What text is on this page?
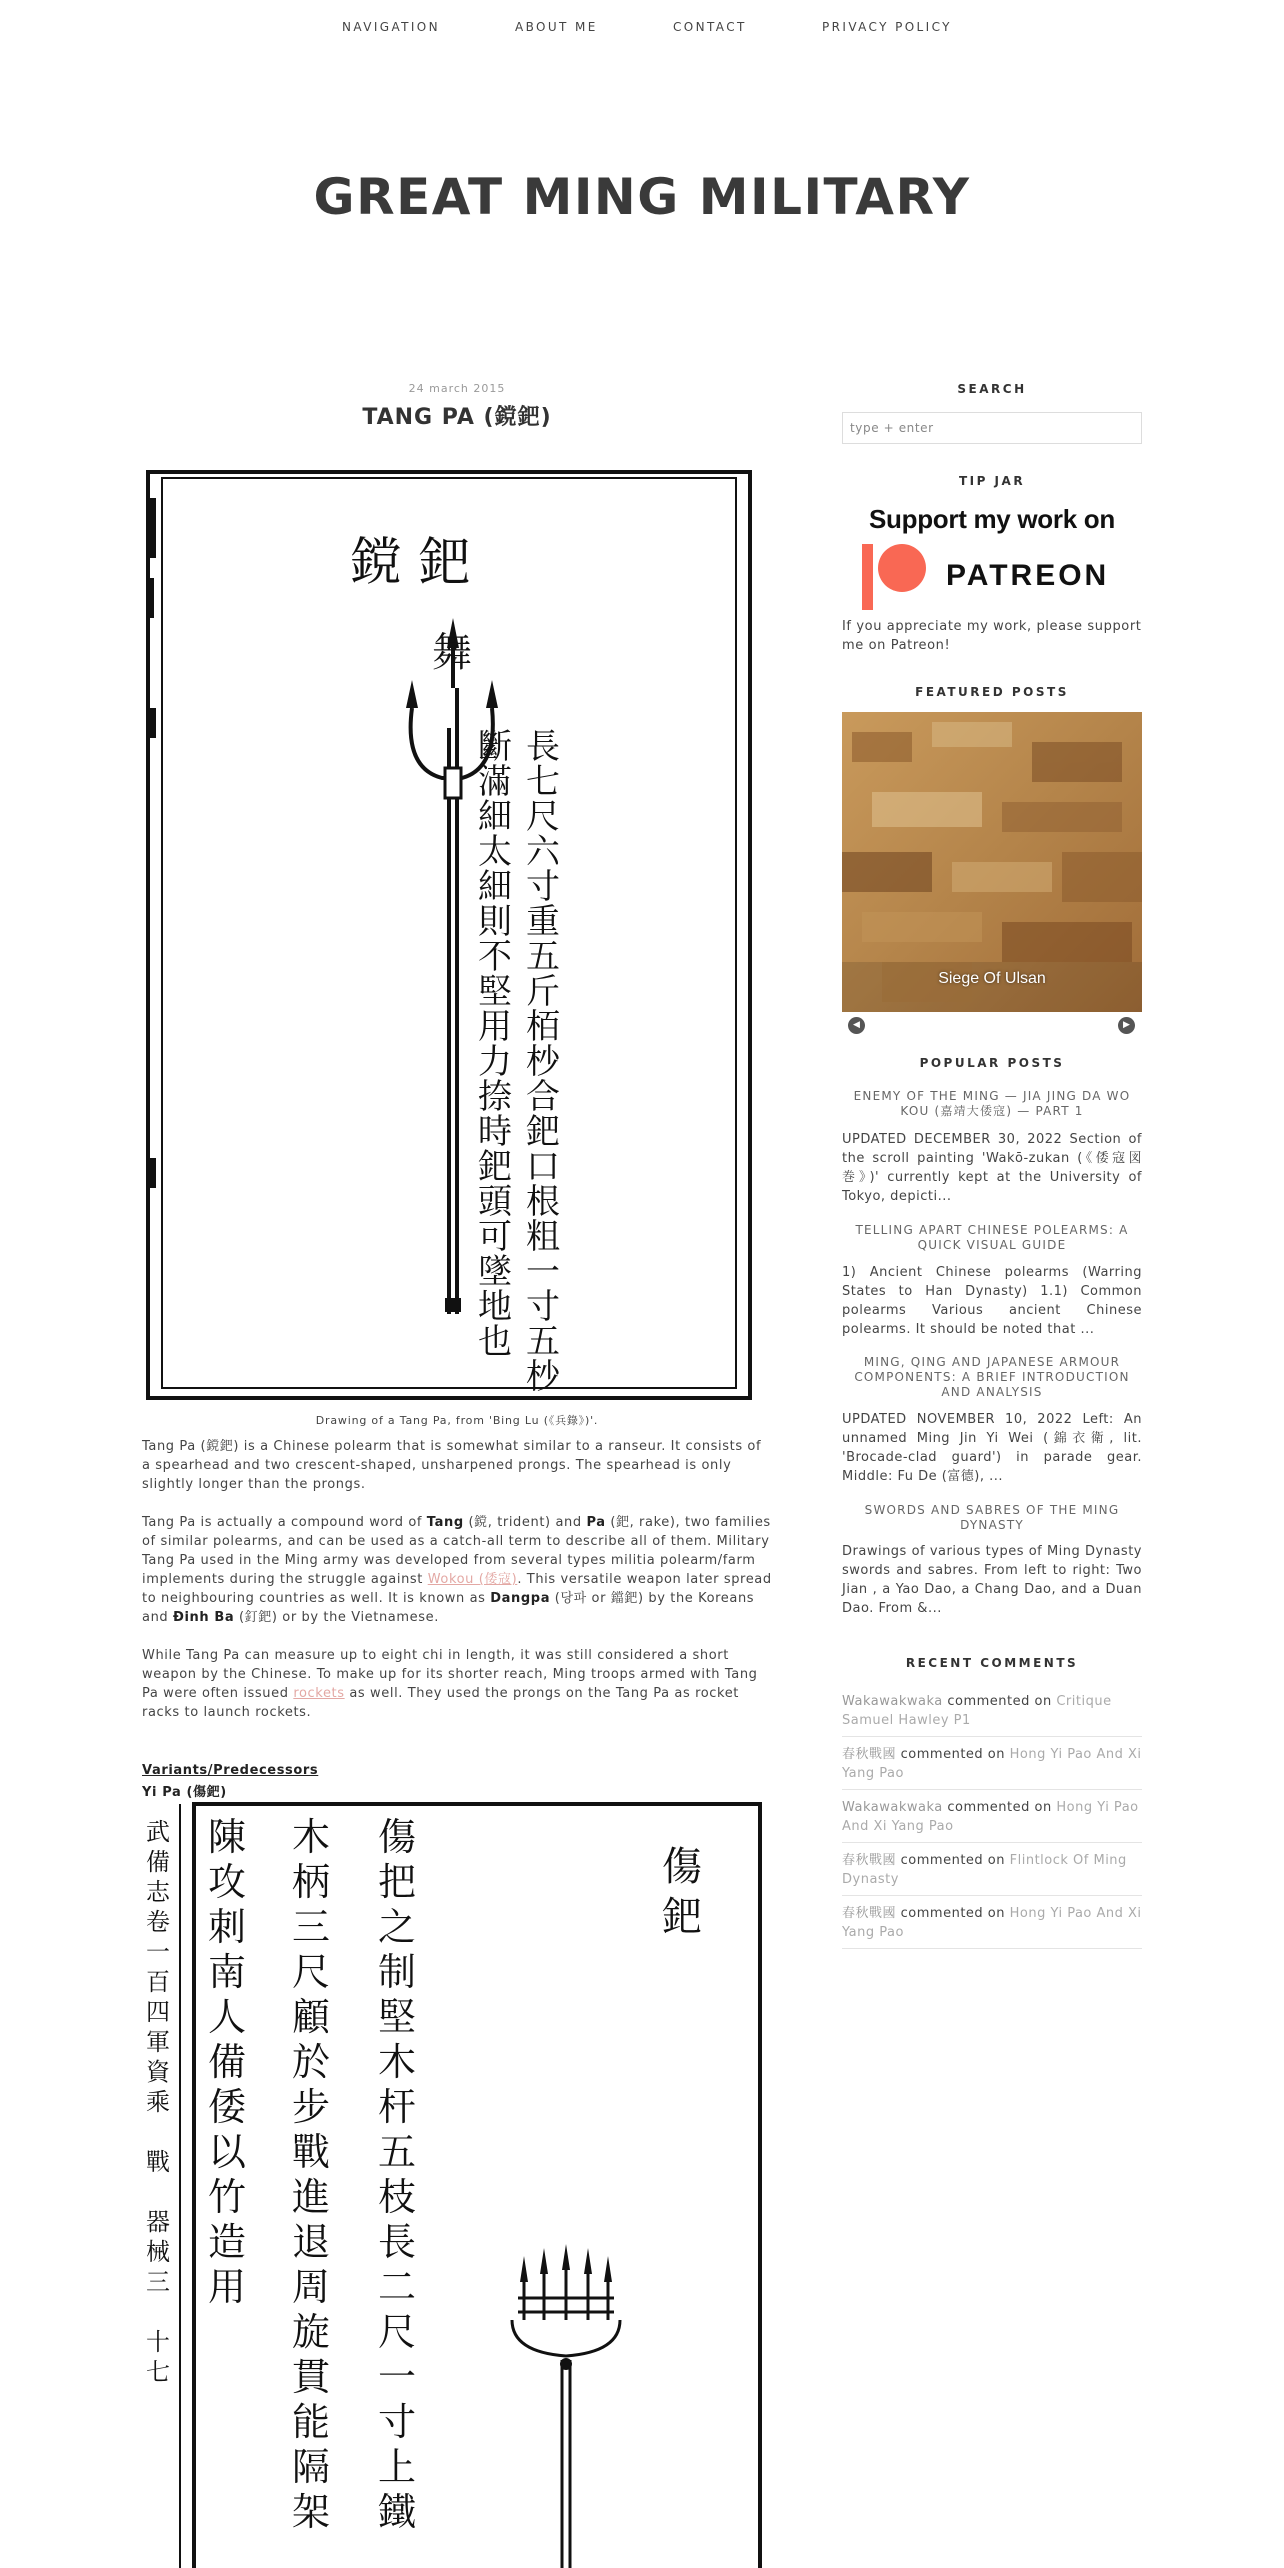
NAVIGATION	ABOUT ME	CONTACT	PRIVACY POLICY
GREAT MING MILITARY
24 march 2015
TANG PA (鎲鈀)
鎲 鈀
舞
長七尺六寸重五斤栢杪合鈀口根粗一寸五杪
斷滿細太細則不堅用力捺時鈀頭可墜地也
Drawing of a Tang Pa, from 'Bing Lu (《兵錄》)'.

Tang Pa (鎲鈀) is a Chinese polearm that is somewhat similar to a ranseur. It consists of a spearhead and two crescent-shaped, unsharpened prongs. The spearhead is only slightly longer than the prongs.

Tang Pa is actually a compound word of Tang (鎲, trident) and Pa (鈀, rake), two families of similar polearms, and can be used as a catch-all term to describe all of them. Military Tang Pa used in the Ming army was developed from several types militia polearm/farm implements during the struggle against Wokou (倭寇). This versatile weapon later spread to neighbouring countries as well. It is known as Dangpa (당파 or 鐺鈀) by the Koreans and Đinh Ba (釘鈀) or by the Vietnamese.

While Tang Pa can measure up to eight chi in length, it was still considered a short weapon by the Chinese. To make up for its shorter reach, Ming troops armed with Tang Pa were often issued rockets as well. They used the prongs on the Tang Pa as rocket racks to launch rockets.

Variants/Predecessors
Yi Pa (傷鈀)
傷鈀
傷把之制堅木杆五枝長二尺一寸上鐵
木柄三尺顧於步戰進退周旋貫能隔架
陳攻刺南人備倭以竹造用
武備志卷一百四軍資乘　戰　器械三　十七
SEARCH
type + enter
TIP JAR
Support my work on
PATREON
If you appreciate my work, please support me on Patreon!
FEATURED POSTS
Siege Of Ulsan
◀	▶
POPULAR POSTS
ENEMY OF THE MING — JIA JING DA WO KOU (嘉靖大倭寇) — PART 1
UPDATED DECEMBER 30, 2022 Section of the scroll painting 'Wakō-zukan (《倭寇図巻》)' currently kept at the University of Tokyo, depicti...
TELLING APART CHINESE POLEARMS: A QUICK VISUAL GUIDE
1) Ancient Chinese polearms (Warring States to Han Dynasty) 1.1) Common polearms Various ancient Chinese polearms. It should be noted that ...
MING, QING AND JAPANESE ARMOUR COMPONENTS: A BRIEF INTRODUCTION AND ANALYSIS
UPDATED NOVEMBER 10, 2022 Left: An unnamed Ming Jin Yi Wei (錦衣衛, lit. 'Brocade-clad guard') in parade gear. Middle: Fu De (富德), ...
SWORDS AND SABRES OF THE MING DYNASTY
Drawings of various types of Ming Dynasty swords and sabres. From left to right: Two Jian , a Yao Dao, a Chang Dao, and a Duan Dao. From &...
RECENT COMMENTS
Wakawakwaka commented on Critique Samuel Hawley P1
春秋戰國 commented on Hong Yi Pao And Xi Yang Pao
Wakawakwaka commented on Hong Yi Pao And Xi Yang Pao
春秋戰國 commented on Flintlock Of Ming Dynasty
春秋戰國 commented on Hong Yi Pao And Xi Yang Pao
